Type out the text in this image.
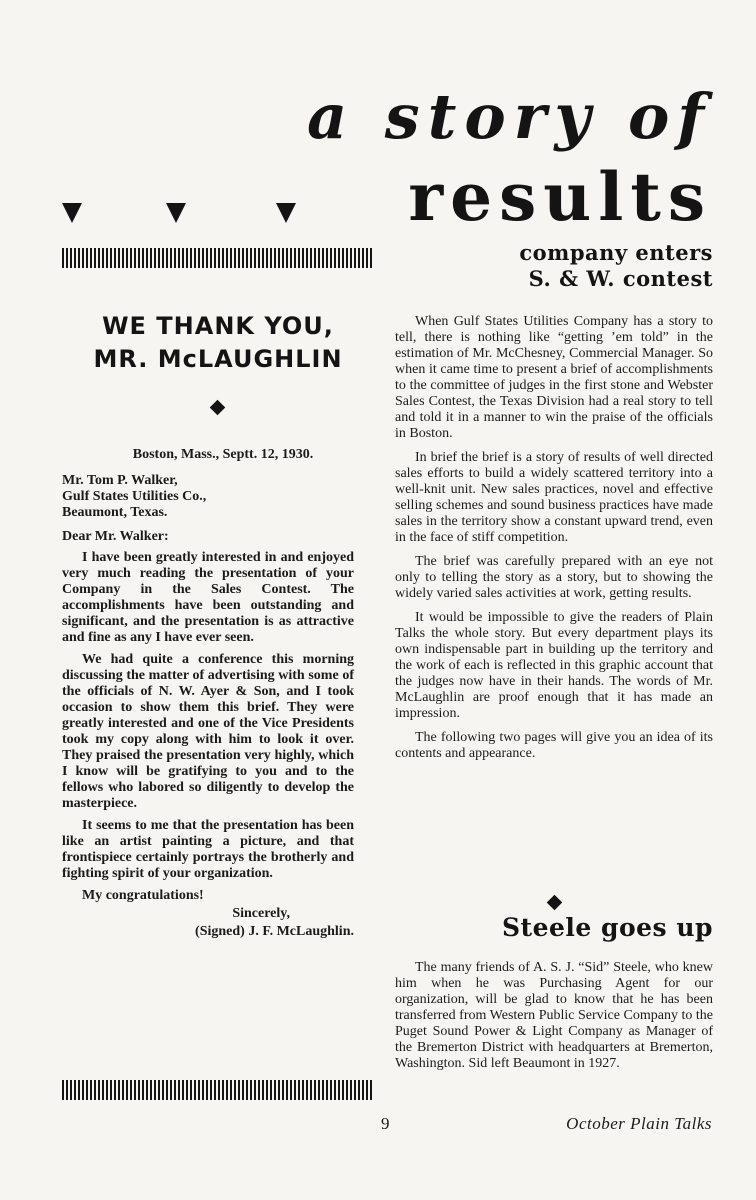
a story of
results
WE THANK YOU,
MR. McLAUGHLIN

Boston, Mass., Septt. 12, 1930.

Mr. Tom P. Walker,

Gulf States Utilities Co.,

Beaumont, Texas.

Dear Mr. Walker:

I have been greatly interested in and enjoyed very much reading the presentation of your Company in the Sales Contest. The accomplishments have been outstanding and significant, and the presentation is as attractive and fine as any I have ever seen.

We had quite a conference this morning discussing the matter of advertising with some of the officials of N. W. Ayer & Son, and I took occasion to show them this brief. They were greatly interested and one of the Vice Presidents took my copy along with him to look it over. They praised the presentation very highly, which I know will be gratifying to you and to the fellows who labored so diligently to develop the masterpiece.

It seems to me that the presentation has been like an artist painting a picture, and that frontispiece certainly portrays the brotherly and fighting spirit of your organization.

My congratulations!

Sincerely,

(Signed) J. F. McLaughlin.

company enters
S. & W. contest

When Gulf States Utilities Company has a story to tell, there is nothing like “getting ’em told” in the estimation of Mr. McChesney, Commercial Manager. So when it came time to present a brief of accomplishments to the committee of judges in the first stone and Webster Sales Contest, the Texas Division had a real story to tell and told it in a manner to win the praise of the officials in Boston.

In brief the brief is a story of results of well directed sales efforts to build a widely scattered territory into a well-knit unit. New sales practices, novel and effective selling schemes and sound business practices have made sales in the territory show a constant upward trend, even in the face of stiff competition.

The brief was carefully prepared with an eye not only to telling the story as a story, but to showing the widely varied sales activities at work, getting results.

It would be impossible to give the readers of Plain Talks the whole story. But every department plays its own indispensable part in building up the territory and the work of each is reflected in this graphic account that the judges now have in their hands. The words of Mr. McLaughlin are proof enough that it has made an impression.

The following two pages will give you an idea of its contents and appearance.

Steele goes up

The many friends of A. S. J. “Sid” Steele, who knew him when he was Purchasing Agent for our organization, will be glad to know that he has been transferred from Western Public Service Company to the Puget Sound Power & Light Company as Manager of the Bremerton District with headquarters at Bremerton, Washington. Sid left Beaumont in 1927.

9	October Plain Talks
